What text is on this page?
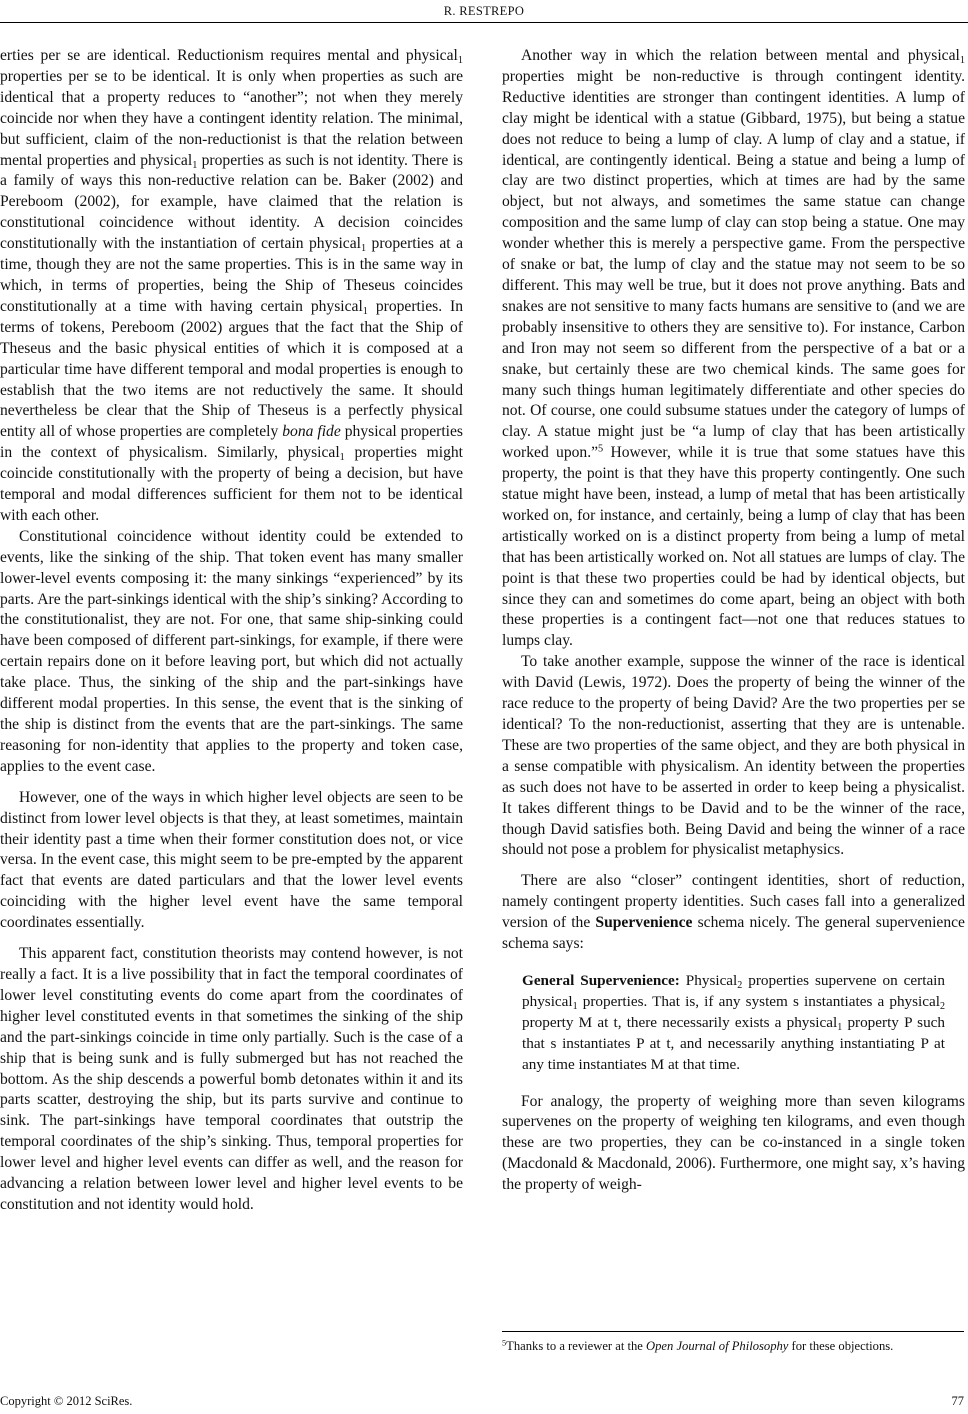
R. RESTREPO

erties per se are identical. Reductionism requires mental and physical$_1$ properties per se to be identical. It is only when properties as such are identical that a property reduces to “another”; not when they merely coincide nor when they have a contingent identity relation. The minimal, but sufficient, claim of the non-reductionist is that the relation between mental properties and physical$_1$ properties as such is not identity. There is a family of ways this non-reductive relation can be. Baker (2002) and Pereboom (2002), for example, have claimed that the relation is constitutional coincidence without identity. A decision coincides constitutionally with the instantiation of certain physical$_1$ properties at a time, though they are not the same properties. This is in the same way in which, in terms of properties, being the Ship of Theseus coincides constitutionally at a time with having certain physical$_1$ properties. In terms of tokens, Pereboom (2002) argues that the fact that the Ship of Theseus and the basic physical entities of which it is composed at a particular time have different temporal and modal properties is enough to establish that the two items are not reductively the same. It should nevertheless be clear that the Ship of Theseus is a perfectly physical entity all of whose properties are completely bona fide physical properties in the context of physicalism. Similarly, physical$_1$ properties might coincide constitutionally with the property of being a decision, but have temporal and modal differences sufficient for them not to be identical with each other.

Constitutional coincidence without identity could be extended to events, like the sinking of the ship. That token event has many smaller lower-level events composing it: the many sinkings “experienced” by its parts. Are the part-sinkings identical with the ship’s sinking? According to the constitutionalist, they are not. For one, that same ship-sinking could have been composed of different part-sinkings, for example, if there were certain repairs done on it before leaving port, but which did not actually take place. Thus, the sinking of the ship and the part-sinkings have different modal properties. In this sense, the event that is the sinking of the ship is distinct from the events that are the part-sinkings. The same reasoning for non-identity that applies to the property and token case, applies to the event case.

However, one of the ways in which higher level objects are seen to be distinct from lower level objects is that they, at least sometimes, maintain their identity past a time when their former constitution does not, or vice versa. In the event case, this might seem to be pre-empted by the apparent fact that events are dated particulars and that the lower level events coinciding with the higher level event have the same temporal coordinates essentially.

This apparent fact, constitution theorists may contend however, is not really a fact. It is a live possibility that in fact the temporal coordinates of lower level constituting events do come apart from the coordinates of higher level constituted events in that sometimes the sinking of the ship and the part-sinkings coincide in time only partially. Such is the case of a ship that is being sunk and is fully submerged but has not reached the bottom. As the ship descends a powerful bomb detonates within it and its parts scatter, destroying the ship, but its parts survive and continue to sink. The part-sinkings have temporal coordinates that outstrip the temporal coordinates of the ship’s sinking. Thus, temporal properties for lower level and higher level events can differ as well, and the reason for advancing a relation between lower level and higher level events to be constitution and not identity would hold.

Another way in which the relation between mental and physical$_1$ properties might be non-reductive is through contingent identity. Reductive identities are stronger than contingent identities. A lump of clay might be identical with a statue (Gibbard, 1975), but being a statue does not reduce to being a lump of clay. A lump of clay and a statue, if identical, are contingently identical. Being a statue and being a lump of clay are two distinct properties, which at times are had by the same object, but not always, and sometimes the same statue can change composition and the same lump of clay can stop being a statue. One may wonder whether this is merely a perspective game. From the perspective of snake or bat, the lump of clay and the statue may not seem to be so different. This may well be true, but it does not prove anything. Bats and snakes are not sensitive to many facts humans are sensitive to (and we are probably insensitive to others they are sensitive to). For instance, Carbon and Iron may not seem so different from the perspective of a bat or a snake, but certainly these are two chemical kinds. The same goes for many such things human legitimately differentiate and other species do not. Of course, one could subsume statues under the category of lumps of clay. A statue might just be “a lump of clay that has been artistically worked upon.”$^5$ However, while it is true that some statues have this property, the point is that they have this property contingently. One such statue might have been, instead, a lump of metal that has been artistically worked on, for instance, and certainly, being a lump of clay that has been artistically worked on is a distinct property from being a lump of metal that has been artistically worked on. Not all statues are lumps of clay. The point is that these two properties could be had by identical objects, but since they can and sometimes do come apart, being an object with both these properties is a contingent fact—not one that reduces statues to lumps clay.

To take another example, suppose the winner of the race is identical with David (Lewis, 1972). Does the property of being the winner of the race reduce to the property of being David? Are the two properties per se identical? To the non-reductionist, asserting that they are is untenable. These are two properties of the same object, and they are both physical in a sense compatible with physicalism. An identity between the properties as such does not have to be asserted in order to keep being a physicalist. It takes different things to be David and to be the winner of the race, though David satisfies both. Being David and being the winner of a race should not pose a problem for physicalist metaphysics.

There are also “closer” contingent identities, short of reduction, namely contingent property identities. Such cases fall into a generalized version of the Supervenience schema nicely. The general supervenience schema says:

General Supervenience: Physical$_2$ properties supervene on certain physical$_1$ properties. That is, if any system s instantiates a physical$_2$ property M at t, there necessarily exists a physical$_1$ property P such that s instantiates P at t, and necessarily anything instantiating P at any time instantiates M at that time.

For analogy, the property of weighing more than seven kilograms supervenes on the property of weighing ten kilograms, and even though these are two properties, they can be co-instanced in a single token (Macdonald & Macdonald, 2006). Furthermore, one might say, x’s having the property of weigh-

$^5$Thanks to a reviewer at the Open Journal of Philosophy for these objections.
Copyright © 2012 SciRes.	77
